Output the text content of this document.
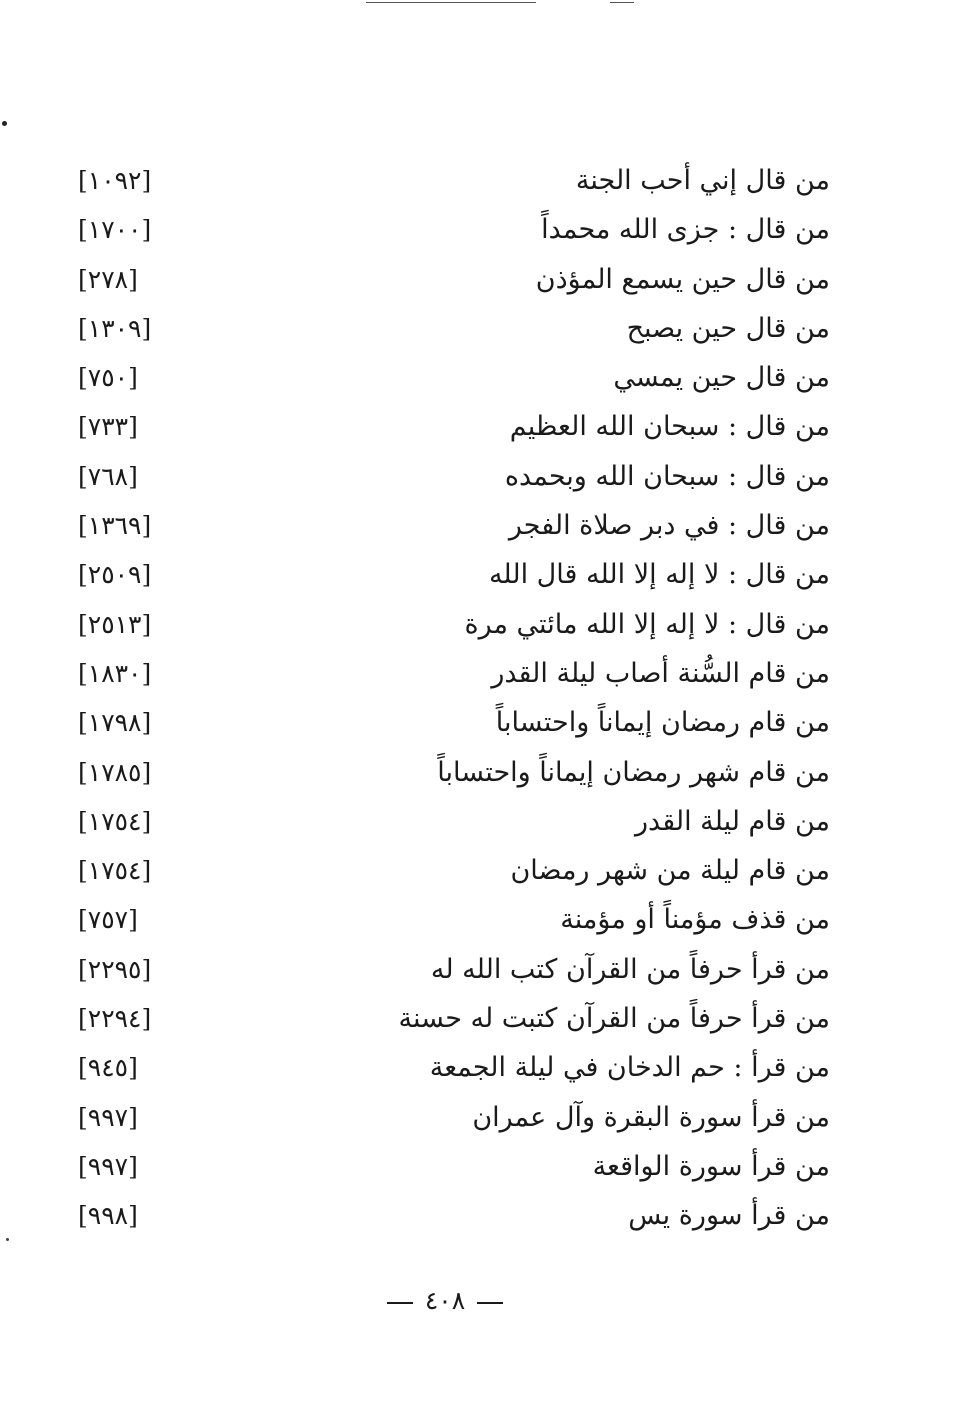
من قال إني أحب الجنة
[١٠٩٢]
من قال : جزى الله محمداً
[١٧٠٠]
من قال حين يسمع المؤذن
[٢٧٨]
من قال حين يصبح
[١٣٠٩]
من قال حين يمسي
[٧٥٠]
من قال : سبحان الله العظيم
[٧٣٣]
من قال : سبحان الله وبحمده
[٧٦٨]
من قال : في دبر صلاة الفجر
[١٣٦٩]
من قال : لا إله إلا الله قال الله
[٢٥٠٩]
من قال : لا إله إلا الله مائتي مرة
[٢٥١٣]
من قام السُّنة أصاب ليلة القدر
[١٨٣٠]
من قام رمضان إيماناً واحتساباً
[١٧٩٨]
من قام شهر رمضان إيماناً واحتساباً
[١٧٨٥]
من قام ليلة القدر
[١٧٥٤]
من قام ليلة من شهر رمضان
[١٧٥٤]
من قذف مؤمناً أو مؤمنة
[٧٥٧]
من قرأ حرفاً من القرآن كتب الله له
[٢٢٩٥]
من قرأ حرفاً من القرآن كتبت له حسنة
[٢٢٩٤]
من قرأ : حم الدخان في ليلة الجمعة
[٩٤٥]
من قرأ سورة البقرة وآل عمران
[٩٩٧]
من قرأ سورة الواقعة
[٩٩٧]
من قرأ سورة يس
[٩٩٨]
٤٠٨
